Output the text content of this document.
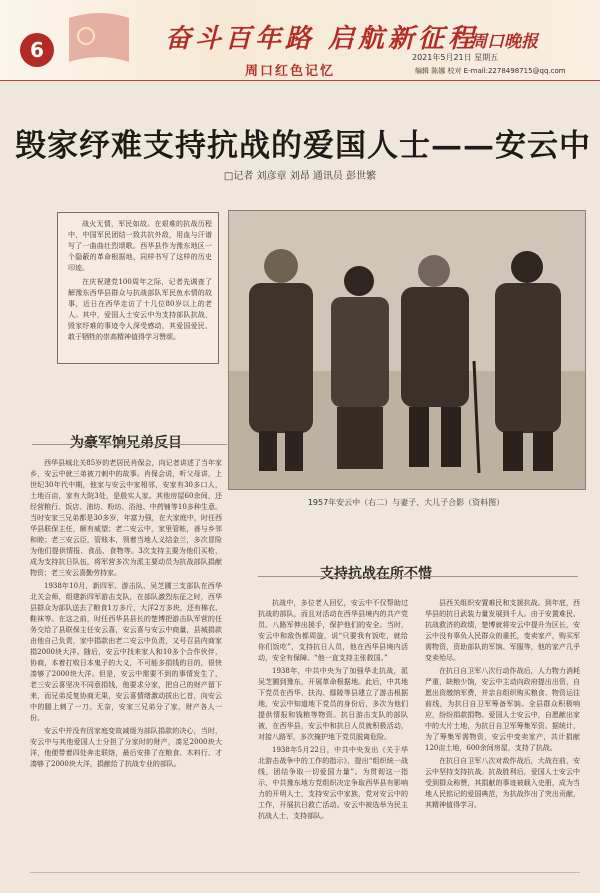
6	奋斗百年路 启航新征程
周口红色记忆
周口晚报
2021年5月21日 星期五
编辑 陈娜 校对 E-mail:2278498715@qq.com
毁家纾难支持抗战的爱国人士——安云中
□记者 刘彦章 刘昂 通讯员 彭世繁

战火无情，军民如故。在艰难的抗战历程中，中国军民团结一致共抗外敌，用血与汗谱写了一曲曲壮烈颂歌。西华县作为豫东地区一个隐蔽的革命根据地，同样书写了这样的历史印迹。

在庆祝建党100周年之际，记者先调查了解豫东西华县群众与抗战部队军民鱼水情的故事，近日在西华走访了十几位80岁以上的老人。其中，爱国人士安云中为支持部队抗战，毁家纾难的事迹令人深受感动，其爱国爱民、敢于牺牲的崇高精神值得学习赞颂。

1957年安云中（右二）与妻子、大儿子合影（资料图）
为豪军饷兄弟反目

西华县城北关85岁的老居民肖保会，向记者讲述了当年家乡，安云中就三弟被刀刺中的故事。肖保会说，听父母讲，上世纪30年代中期，他家与安云中家相邻，安家有30多口人，土地百亩，家有大院3处，是殷实人家。其他房屋60余间，还经营粮行、饭店、油坊、粉坊、浴池、中药铺等10多种生意。当时安家三兄弟都是30多岁，年富力强，在大家庭中，时任西华县联保主任，颇有威望；老二安云中，家里管帐，善与乡邻和睦；老三安云臣，管账本，领着当地人义结金兰，多次冒险为他们提供情报、食品、食物等。3次支持主要为他们买枪，成为支持抗日队伍，将军营多次为派主要动员为抗战部队捐献物资；老三安云喜勤劳持家。

1938年10月，新四军、游击队、吴芝圃三支部队在西华北关会师，组建新四军游击支队，在部队激烈东征之时，西华县群众为部队送去了粮食1万多斤，大洋2万多块，还有棉衣、鞋袜等。在这之前，时任西华县县长的楚博把游击队军营的任务交给了县联保主任安云喜，安云喜与安云中商量，县城捐款由他自己负责，家中捐款由老二安云中负责，又号召县内商家捐2000块大洋。随后，安云中找来家人和10多个合作伙伴，协商，本着打败日本鬼子的大义，不可能多捐钱的目的，很快凑够了2000块大洋。但是，安云中需要不到的事情发生了，老三安云喜坚决不同意捐钱，他要求分家，把自己的财产留下来，而兄弟反复协商无果，安云喜情绪激动拔出匕首，向安云中的腿上刺了一刀。无奈，安家三兄弟分了家，财产各人一份。

安云中并没有因家庭变故减缓为部队捐款的决心，当时，安云中与其他爱国人士分担了分家时的财产，凑足2000块大洋，他便带着四处奔走联络，最后安排了在粮食、木料行、才凑够了2000块大洋，捐献给了抗战专业的部队。

支持抗战在所不惜

抗战中，多位老人回忆，安云中不仅帮助过抗战的部队，而且对活动在西华县境内的共产党员、八路军伸出援手，保护他们的安全。当时，安云中和敌伪都周旋，说“只要我有饭吃，就给你们饭吃”，支持抗日人员，他在西华县境内活动，安全有保障。“他一直支持主张救国。”

1938年，中共中央为了加强华北抗战，派吴芝圃到豫东，开展革命根据地。此后，中共地下党员在西华、扶沟、鄢陵等县建立了游击根据地，安云中知道地下党员的身份后，多次为他们提供情报和钱粮等物资。抗日游击支队的部队被，在西华县，安云中和抗日人员就积极活动，对接八路军，多次掩护地下党员脱离危险。

1938年5月22日，中共中央发出《关于华北游击战争中的工作的指示》，提出“组织统一战线，团结争取一切爱国力量”。为贯彻这一指示，中共豫东地方党组织决定争取西华县有影响力的开明人士，支持安云中家族，党对安云中的工作，开展抗日救亡活动。安云中被选举为民主抗战人士，支持部队。

县西关组织安置难民和支援抗战。到年底，西华县的抗日武装力量发展到千人。由于安置难民、抗战救济的政绩，楚博就将安云中提升为区长，安云中没有辜负人民群众的重托，变卖家产，购买军需物资，资助部队的军饷、军服等，他的家产几乎变卖殆尽。

在抗日自卫军八次行动作战后，人力物力消耗严重，缺粮少饷，安云中主动向政府提出出资，自愿出资缴纳军费，并亲自组织购买粮食、物资运往前线，为抗日自卫军筹备军饷。全县群众积极响应，纷纷捐款捐物。爱国人士安云中，自愿献出家中的大片土地，为抗日自卫军筹集军资。据统计，为了筹集军需物资，安云中变卖家产，共计捐献120亩土地，600余间房屋，支持了抗战。

在抗日自卫军八次对敌作战后，大战在前，安云中坚持支持抗战。抗战胜利后，爱国人士安云中受到群众称赞，其捐献的事迹被载入史册，成为当地人民铭记的爱国典范，为抗战作出了突出贡献，其精神值得学习。
